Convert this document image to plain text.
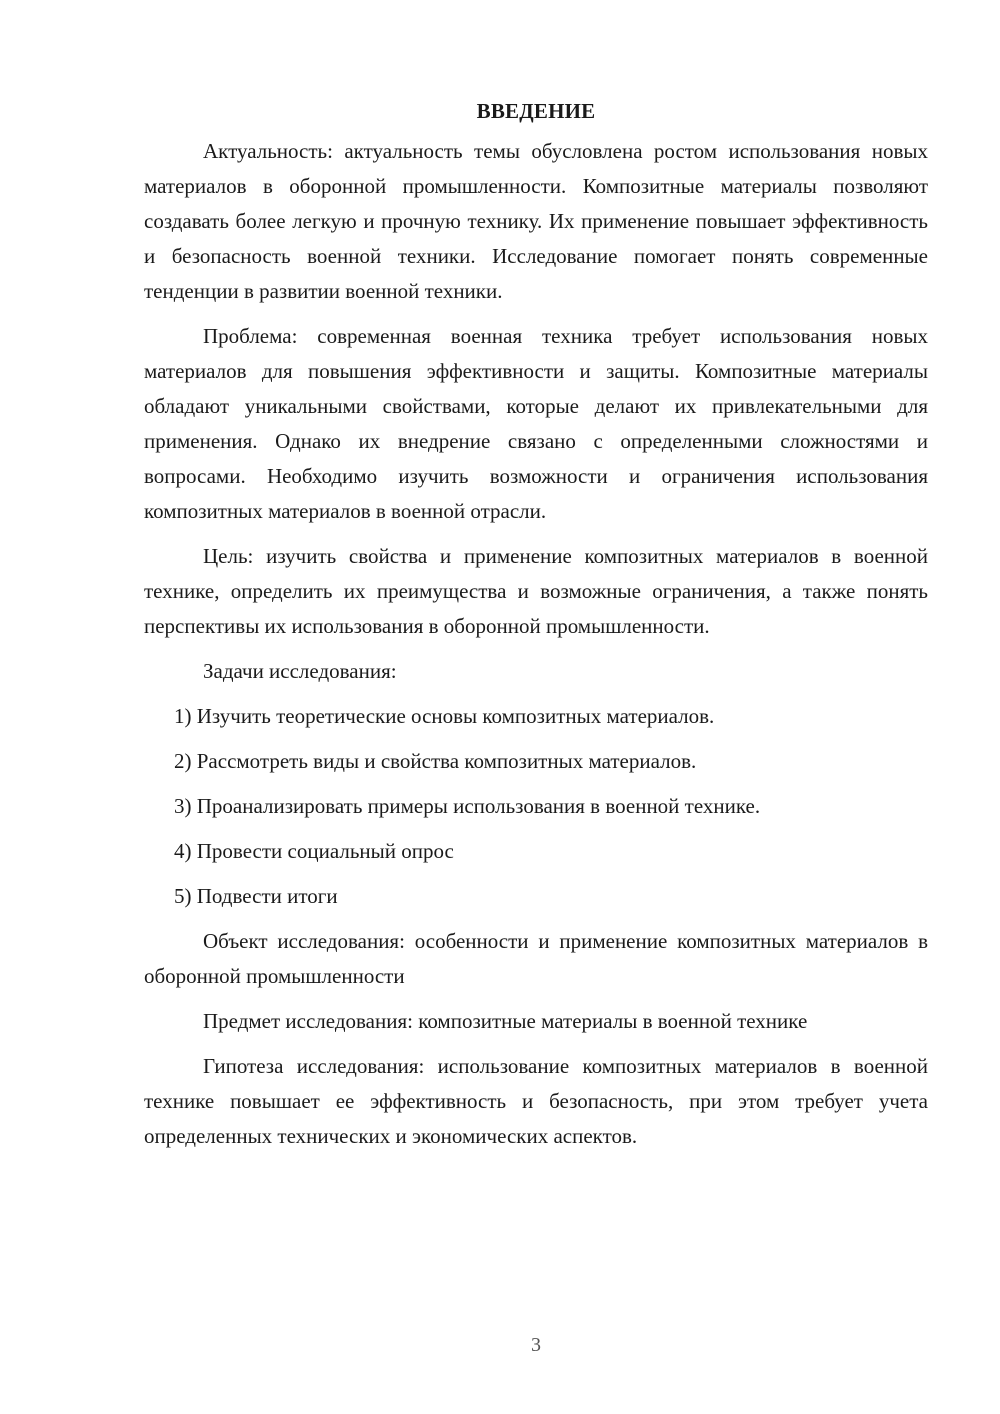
ВВЕДЕНИЕ

Актуальность: актуальность темы обусловлена ростом использования новых материалов в оборонной промышленности. Композитные материалы позволяют создавать более легкую и прочную технику. Их применение повышает эффективность и безопасность военной техники. Исследование помогает понять современные тенденции в развитии военной техники.

Проблема: современная военная техника требует использования новых материалов для повышения эффективности и защиты. Композитные материалы обладают уникальными свойствами, которые делают их привлекательными для применения. Однако их внедрение связано с определенными сложностями и вопросами. Необходимо изучить возможности и ограничения использования композитных материалов в военной отрасли.

Цель: изучить свойства и применение композитных материалов в военной технике, определить их преимущества и возможные ограничения, а также понять перспективы их использования в оборонной промышленности.

Задачи исследования:

1) Изучить теоретические основы композитных материалов.
2) Рассмотреть виды и свойства композитных материалов.
3) Проанализировать примеры использования в военной технике.
4) Провести социальный опрос
5) Подвести итоги

Объект исследования: особенности и применение композитных материалов в оборонной промышленности

Предмет исследования: композитные материалы в военной технике

Гипотеза исследования: использование композитных материалов в военной технике повышает ее эффективность и безопасность, при этом требует учета определенных технических и экономических аспектов.

3
